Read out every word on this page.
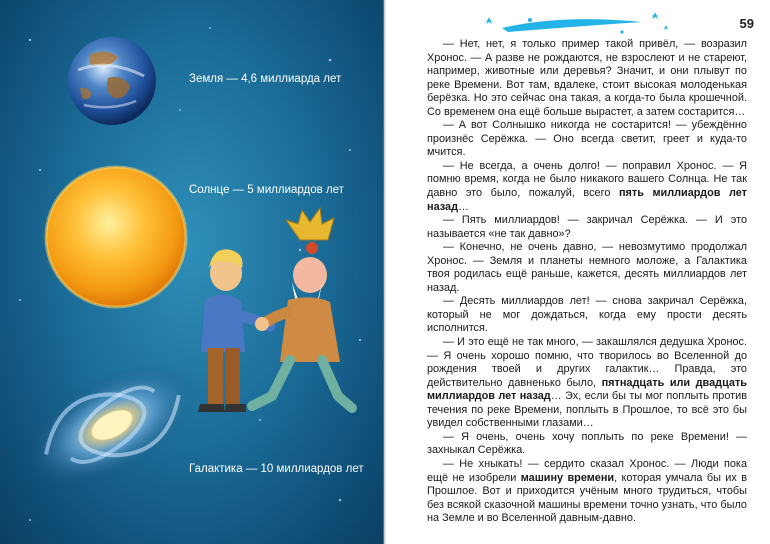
Земля — 4,6 миллиарда лет
Солнце — 5 миллиардов лет
Галактика — 10 миллиардов лет
59

— Нет, нет, я только пример такой привёл, — возразил Хронос. — А разве не рождаются, не взрослеют и не стареют, например, животные или деревья? Значит, и они плывут по реке Времени. Вот там, вдалеке, стоит высокая молоденькая берёзка. Но это сейчас она такая, а когда-то была крошечной. Со временем она ещё больше вырастет, а затем состарится…

— А вот Солнышко никогда не состарится! — убеждённо произнёс Серёжка. — Оно всегда светит, греет и куда-то мчится.

— Не всегда, а очень долго! — поправил Хронос. — Я помню время, когда не было никакого вашего Солнца. Не так давно это было, пожалуй, всего пять миллиардов лет назад…

— Пять миллиардов! — закричал Серёжка. — И это называется «не так давно»?

— Конечно, не очень давно, — невозмутимо продолжал Хронос. — Земля и планеты немного моложе, а Галактика твоя родилась ещё раньше, кажется, десять миллиардов лет назад.

— Десять миллиардов лет! — снова закричал Серёжка, который не мог дождаться, когда ему прости десять исполнится.

— И это ещё не так много, — закашлялся дедушка Хронос. — Я очень хорошо помню, что творилось во Вселенной до рождения твоей и других галактик… Правда, это действительно давненько было, пятнадцать или двадцать миллиардов лет назад… Эх, если бы ты мог поплыть против течения по реке Времени, поплыть в Прошлое, то всё это бы увидел собственными глазами…

— Я очень, очень хочу поплыть по реке Времени! — захныкал Серёжка.

— Не хныкать! — сердито сказал Хронос. — Люди пока ещё не изобрели машину времени, которая умчала бы их в Прошлое. Вот и приходится учёным много трудиться, чтобы без всякой сказочной машины времени точно узнать, что было на Земле и во Вселенной давным-давно.
